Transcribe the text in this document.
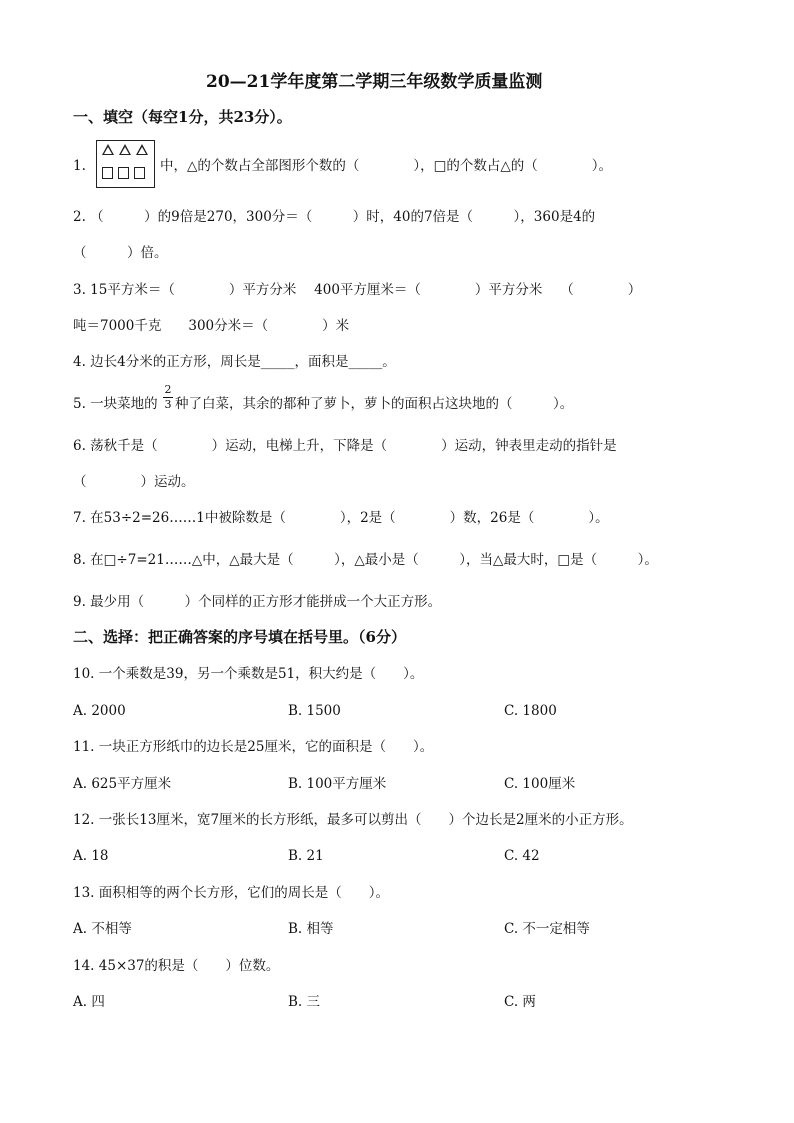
20—21学年度第二学期三年级数学质量监测
一、填空（每空1分，共23分）。
1.	中，△的个数占全部图形个数的（　　　　），□的个数占△的（　　　　）。
2. （　　　）的9倍是270，300分＝（　　　）时，40的7倍是（　　　），360是4的
（　　　）倍。
3. 15平方米＝（　　　　）平方分米　 400平方厘米＝（　　　　）平方分米　 （　　　　）
吨＝7000千克　　300分米＝（　　　　）米
4. 边长4分米的正方形，周长是_____，面积是_____。
5. 一块菜地的
2
3 种了白菜，其余的都种了萝卜，萝卜的面积占这块地的（　　　）。
6. 荡秋千是（　　　　）运动，电梯上升，下降是（　　　　）运动，钟表里走动的指针是
（　　　　）运动。
7. 在53÷2=26……1中被除数是（　　　　），2是（　　　　）数，26是（　　　　）。
8. 在□÷7=21……△中，△最大是（　　　），△最小是（　　　），当△最大时，□是（　　　）。
9. 最少用（　　　）个同样的正方形才能拼成一个大正方形。
二、选择：把正确答案的序号填在括号里。（6分）
10. 一个乘数是39，另一个乘数是51，积大约是（　　）。
A. 2000	B. 1500	C. 1800
11. 一块正方形纸巾的边长是25厘米，它的面积是（　　）。
A. 625平方厘米	B. 100平方厘米	C. 100厘米
12. 一张长13厘米，宽7厘米的长方形纸，最多可以剪出（　　）个边长是2厘米的小正方形。
A. 18	B. 21	C. 42
13. 面积相等的两个长方形，它们的周长是（　　）。
A. 不相等	B. 相等	C. 不一定相等
14. 45×37的积是（　　）位数。
A. 四	B. 三	C. 两
